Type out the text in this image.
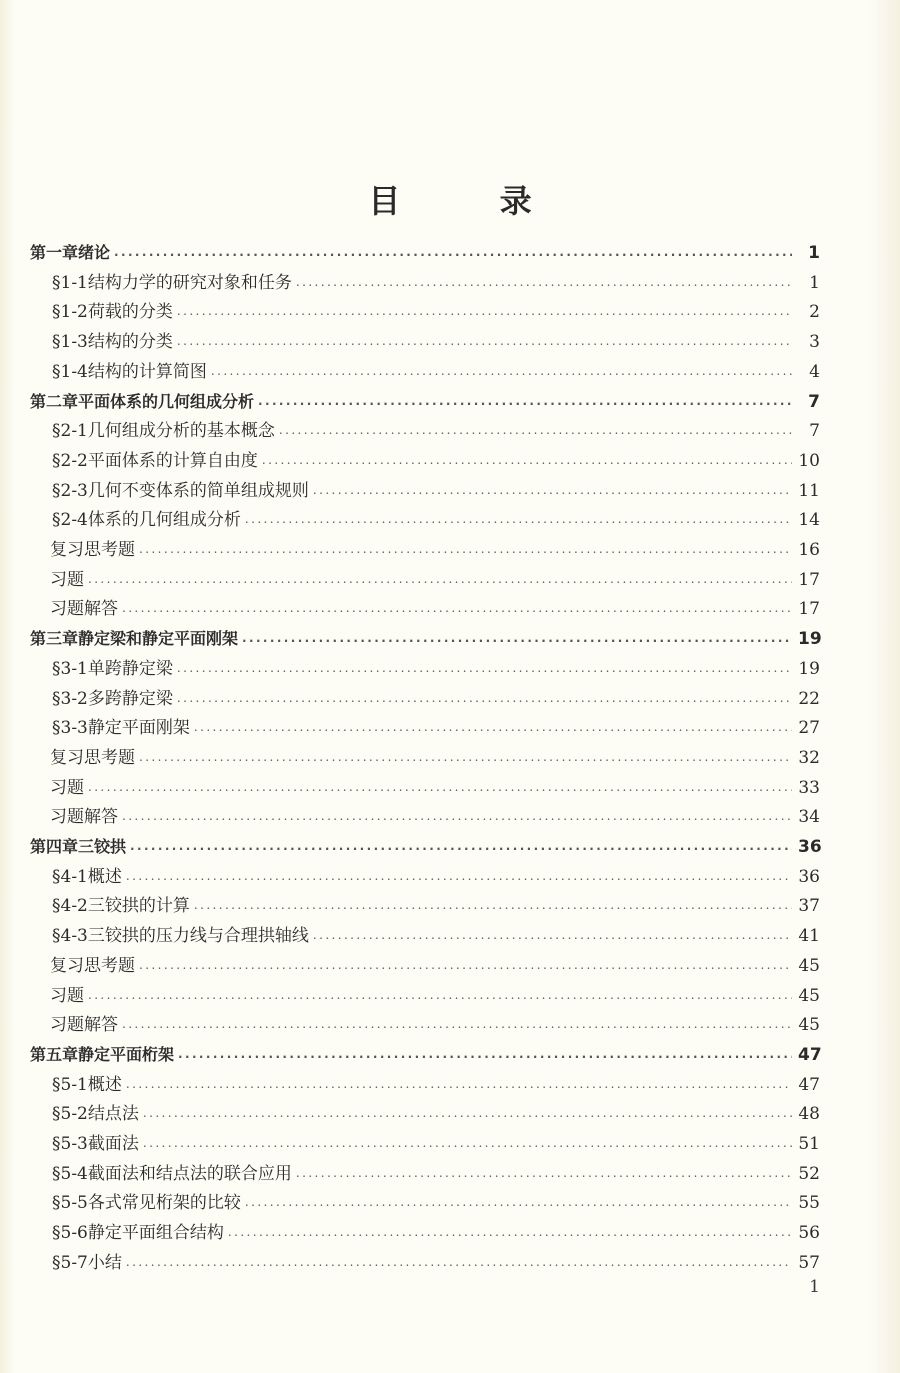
目 录
第一章 绪论 .....	1
§1-1 结构力学的研究对象和任务 .....	1
§1-2 荷载的分类 .....	2
§1-3 结构的分类 .....	3
§1-4 结构的计算简图 .....	4
第二章 平面体系的几何组成分析 .....	7
§2-1 几何组成分析的基本概念 .....	7
§2-2 平面体系的计算自由度 .....	10
§2-3 几何不变体系的简单组成规则 .....	11
§2-4 体系的几何组成分析 .....	14
复习思考题 .....	16
习题 .....	17
习题解答 .....	17
第三章 静定梁和静定平面刚架 .....	19
§3-1 单跨静定梁 .....	19
§3-2 多跨静定梁 .....	22
§3-3 静定平面刚架 .....	27
复习思考题 .....	32
习题 .....	33
习题解答 .....	34
第四章 三铰拱 .....	36
§4-1 概述 .....	36
§4-2 三铰拱的计算 .....	37
§4-3 三铰拱的压力线与合理拱轴线 .....	41
复习思考题 .....	45
习题 .....	45
习题解答 .....	45
第五章 静定平面桁架 .....	47
§5-1 概述 .....	47
§5-2 结点法 .....	48
§5-3 截面法 .....	51
§5-4 截面法和结点法的联合应用 .....	52
§5-5 各式常见桁架的比较 .....	55
§5-6 静定平面组合结构 .....	56
§5-7 小结 .....	57
1
